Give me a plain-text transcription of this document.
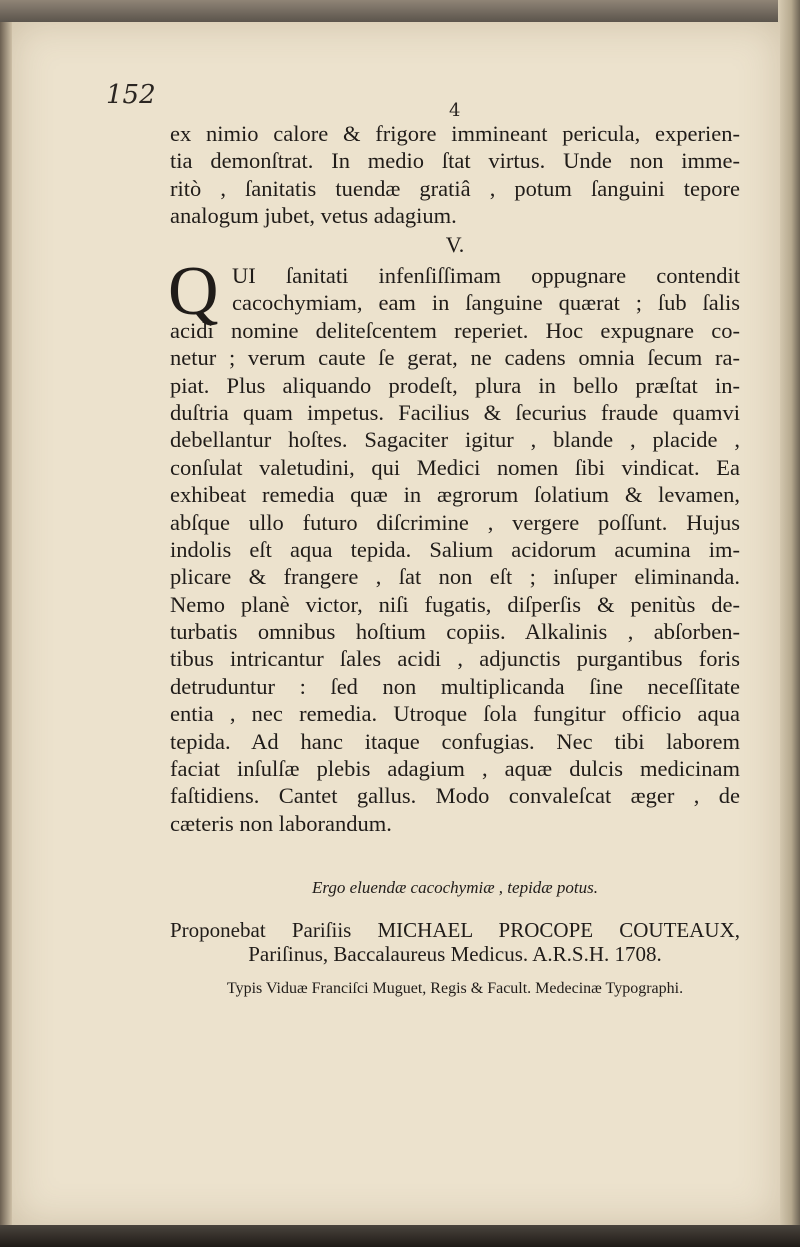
152
4
ex nimio calore & frigore immineant pericula, experien-
tia demonſtrat. In medio ſtat virtus. Unde non imme-
ritò , ſanitatis tuendæ gratiâ , potum ſanguini tepore
analogum jubet, vetus adagium.
V.
Q UI ſanitati infenſiſſimam oppugnare contendit
cacochymiam, eam in ſanguine quærat ; ſub ſalis
acidi nomine deliteſcentem reperiet. Hoc expugnare co-
netur ; verum caute ſe gerat, ne cadens omnia ſecum ra-
piat. Plus aliquando prodeſt, plura in bello præſtat in-
duſtria quam impetus. Facilius & ſecurius fraude quamvi
debellantur hoſtes. Sagaciter igitur , blande , placide ,
conſulat valetudini, qui Medici nomen ſibi vindicat. Ea
exhibeat remedia quæ in ægrorum ſolatium & levamen,
abſque ullo futuro diſcrimine , vergere poſſunt. Hujus
indolis eſt aqua tepida. Salium acidorum acumina im-
plicare & frangere , ſat non eſt ; inſuper eliminanda.
Nemo planè victor, niſi fugatis, diſperſis & penitùs de-
turbatis omnibus hoſtium copiis. Alkalinis , abſorben-
tibus intricantur ſales acidi , adjunctis purgantibus foris
detruduntur : ſed non multiplicanda ſine neceſſitate
entia , nec remedia. Utroque ſola fungitur officio aqua
tepida. Ad hanc itaque confugias. Nec tibi laborem
faciat inſulſæ plebis adagium , aquæ dulcis medicinam
faſtidiens. Cantet gallus. Modo convaleſcat æger , de
cæteris non laborandum.
Ergo eluendæ cacochymiæ , tepidæ potus.
Proponebat Pariſiis MICHAEL PROCOPE COUTEAUX,
Pariſinus, Baccalaureus Medicus. A.R.S.H. 1708.
Typis Viduæ Franciſci Muguet, Regis & Facult. Medecinæ Typographi.
